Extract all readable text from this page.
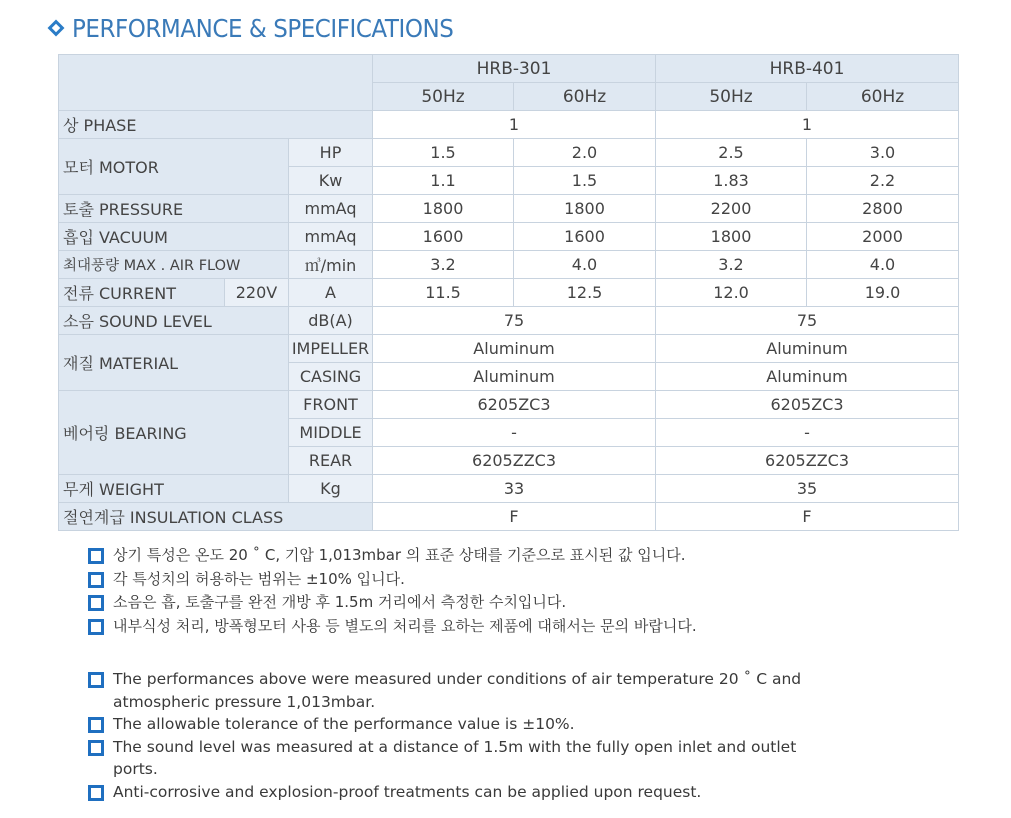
PERFORMANCE & SPECIFICATIONS
			HRB-301		HRB-401	
			50Hz	60Hz	50Hz	60Hz
상 PHASE			1		1	
모터 MOTOR		HP	1.5	2.0	2.5	3.0
		Kw	1.1	1.5	1.83	2.2
토출 PRESSURE		mmAq	1800	1800	2200	2800
흡입 VACUUM		mmAq	1600	1600	1800	2000
최대풍량 MAX . AIR FLOW		㎥/min	3.2	4.0	3.2	4.0
전류 CURRENT	220V	A	11.5	12.5	12.0	19.0
소음 SOUND LEVEL		dB(A)	75		75	
재질 MATERIAL		IMPELLER	Aluminum		Aluminum	
		CASING	Aluminum		Aluminum	
베어링 BEARING		FRONT	6205ZC3		6205ZC3	
		MIDDLE	-		-	
		REAR	6205ZZC3		6205ZZC3	
무게 WEIGHT		Kg	33		35	
절연계급 INSULATION CLASS			F		F	
상기 특성은 온도 20 ˚ C, 기압 1,013mbar 의 표준 상태를 기준으로 표시된 값 입니다.
각 특성치의 허용하는 범위는 ±10% 입니다.
소음은 흡, 토출구를 완전 개방 후 1.5m 거리에서 측정한 수치입니다.
내부식성 처리, 방폭형모터 사용 등 별도의 처리를 요하는 제품에 대해서는 문의 바랍니다.
The performances above were measured under conditions of air temperature 20 ˚ C and atmospheric pressure 1,013mbar.
The allowable tolerance of the performance value is ±10%.
The sound level was measured at a distance of 1.5m with the fully open inlet and outlet ports.
Anti-corrosive and explosion-proof treatments can be applied upon request.
